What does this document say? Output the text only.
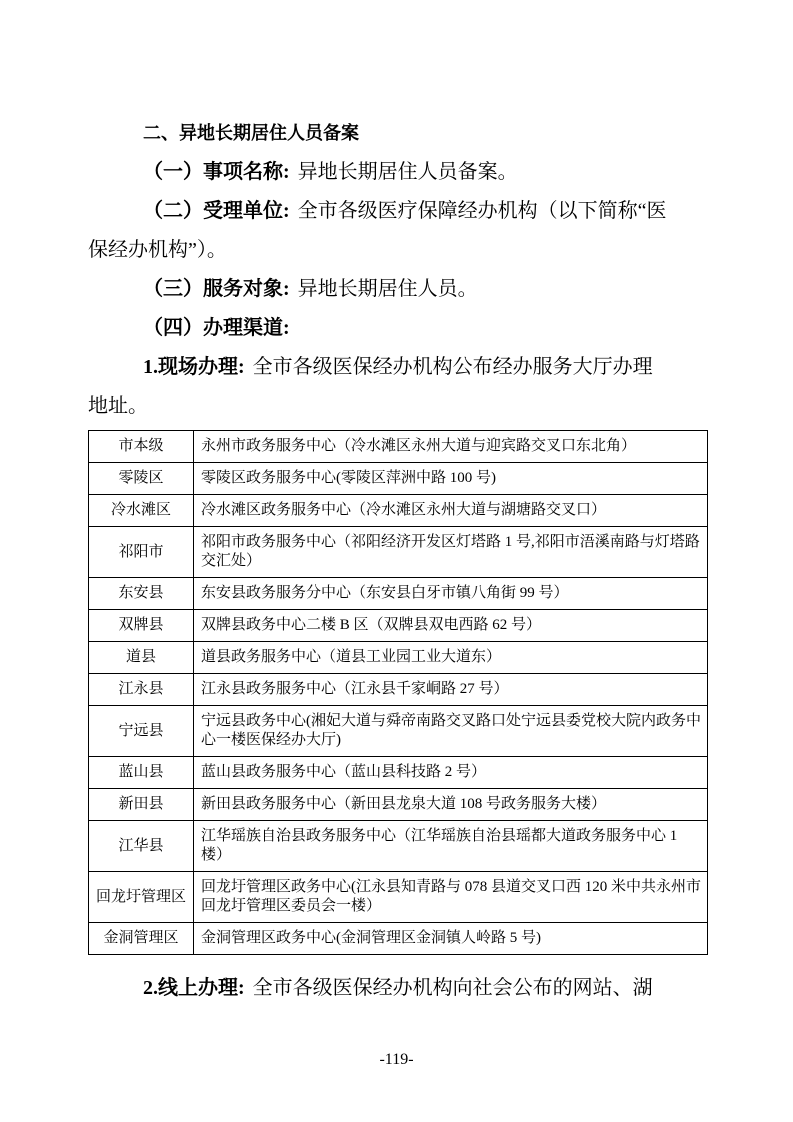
二、异地长期居住人员备案

（一）事项名称: 异地长期居住人员备案。

（二）受理单位: 全市各级医疗保障经办机构（以下简称“医
保经办机构”）。

（三）服务对象: 异地长期居住人员。

（四）办理渠道:

1.现场办理: 全市各级医保经办机构公布经办服务大厅办理
地址。

市本级	永州市政务服务中心（冷水滩区永州大道与迎宾路交叉口东北角）
零陵区	零陵区政务服务中心(零陵区萍洲中路 100 号)
冷水滩区	冷水滩区政务服务中心（冷水滩区永州大道与湖塘路交叉口）
祁阳市	祁阳市政务服务中心（祁阳经济开发区灯塔路 1 号,祁阳市浯溪南路与灯塔路交汇处）
东安县	东安县政务服务分中心（东安县白牙市镇八角街 99 号）
双牌县	双牌县政务中心二楼 B 区（双牌县双电西路 62 号）
道县	道县政务服务中心（道县工业园工业大道东）
江永县	江永县政务服务中心（江永县千家峒路 27 号）
宁远县	宁远县政务中心(湘妃大道与舜帝南路交叉路口处宁远县委党校大院内政务中心一楼医保经办大厅)
蓝山县	蓝山县政务服务中心（蓝山县科技路 2 号）
新田县	新田县政务服务中心（新田县龙泉大道 108 号政务服务大楼）
江华县	江华瑶族自治县政务服务中心（江华瑶族自治县瑶都大道政务服务中心 1 楼）
回龙圩管理区	回龙圩管理区政务中心(江永县知青路与 078 县道交叉口西 120 米中共永州市回龙圩管理区委员会一楼）
金洞管理区	金洞管理区政务中心(金洞管理区金洞镇人岭路 5 号)

2.线上办理: 全市各级医保经办机构向社会公布的网站、湖

-119-
